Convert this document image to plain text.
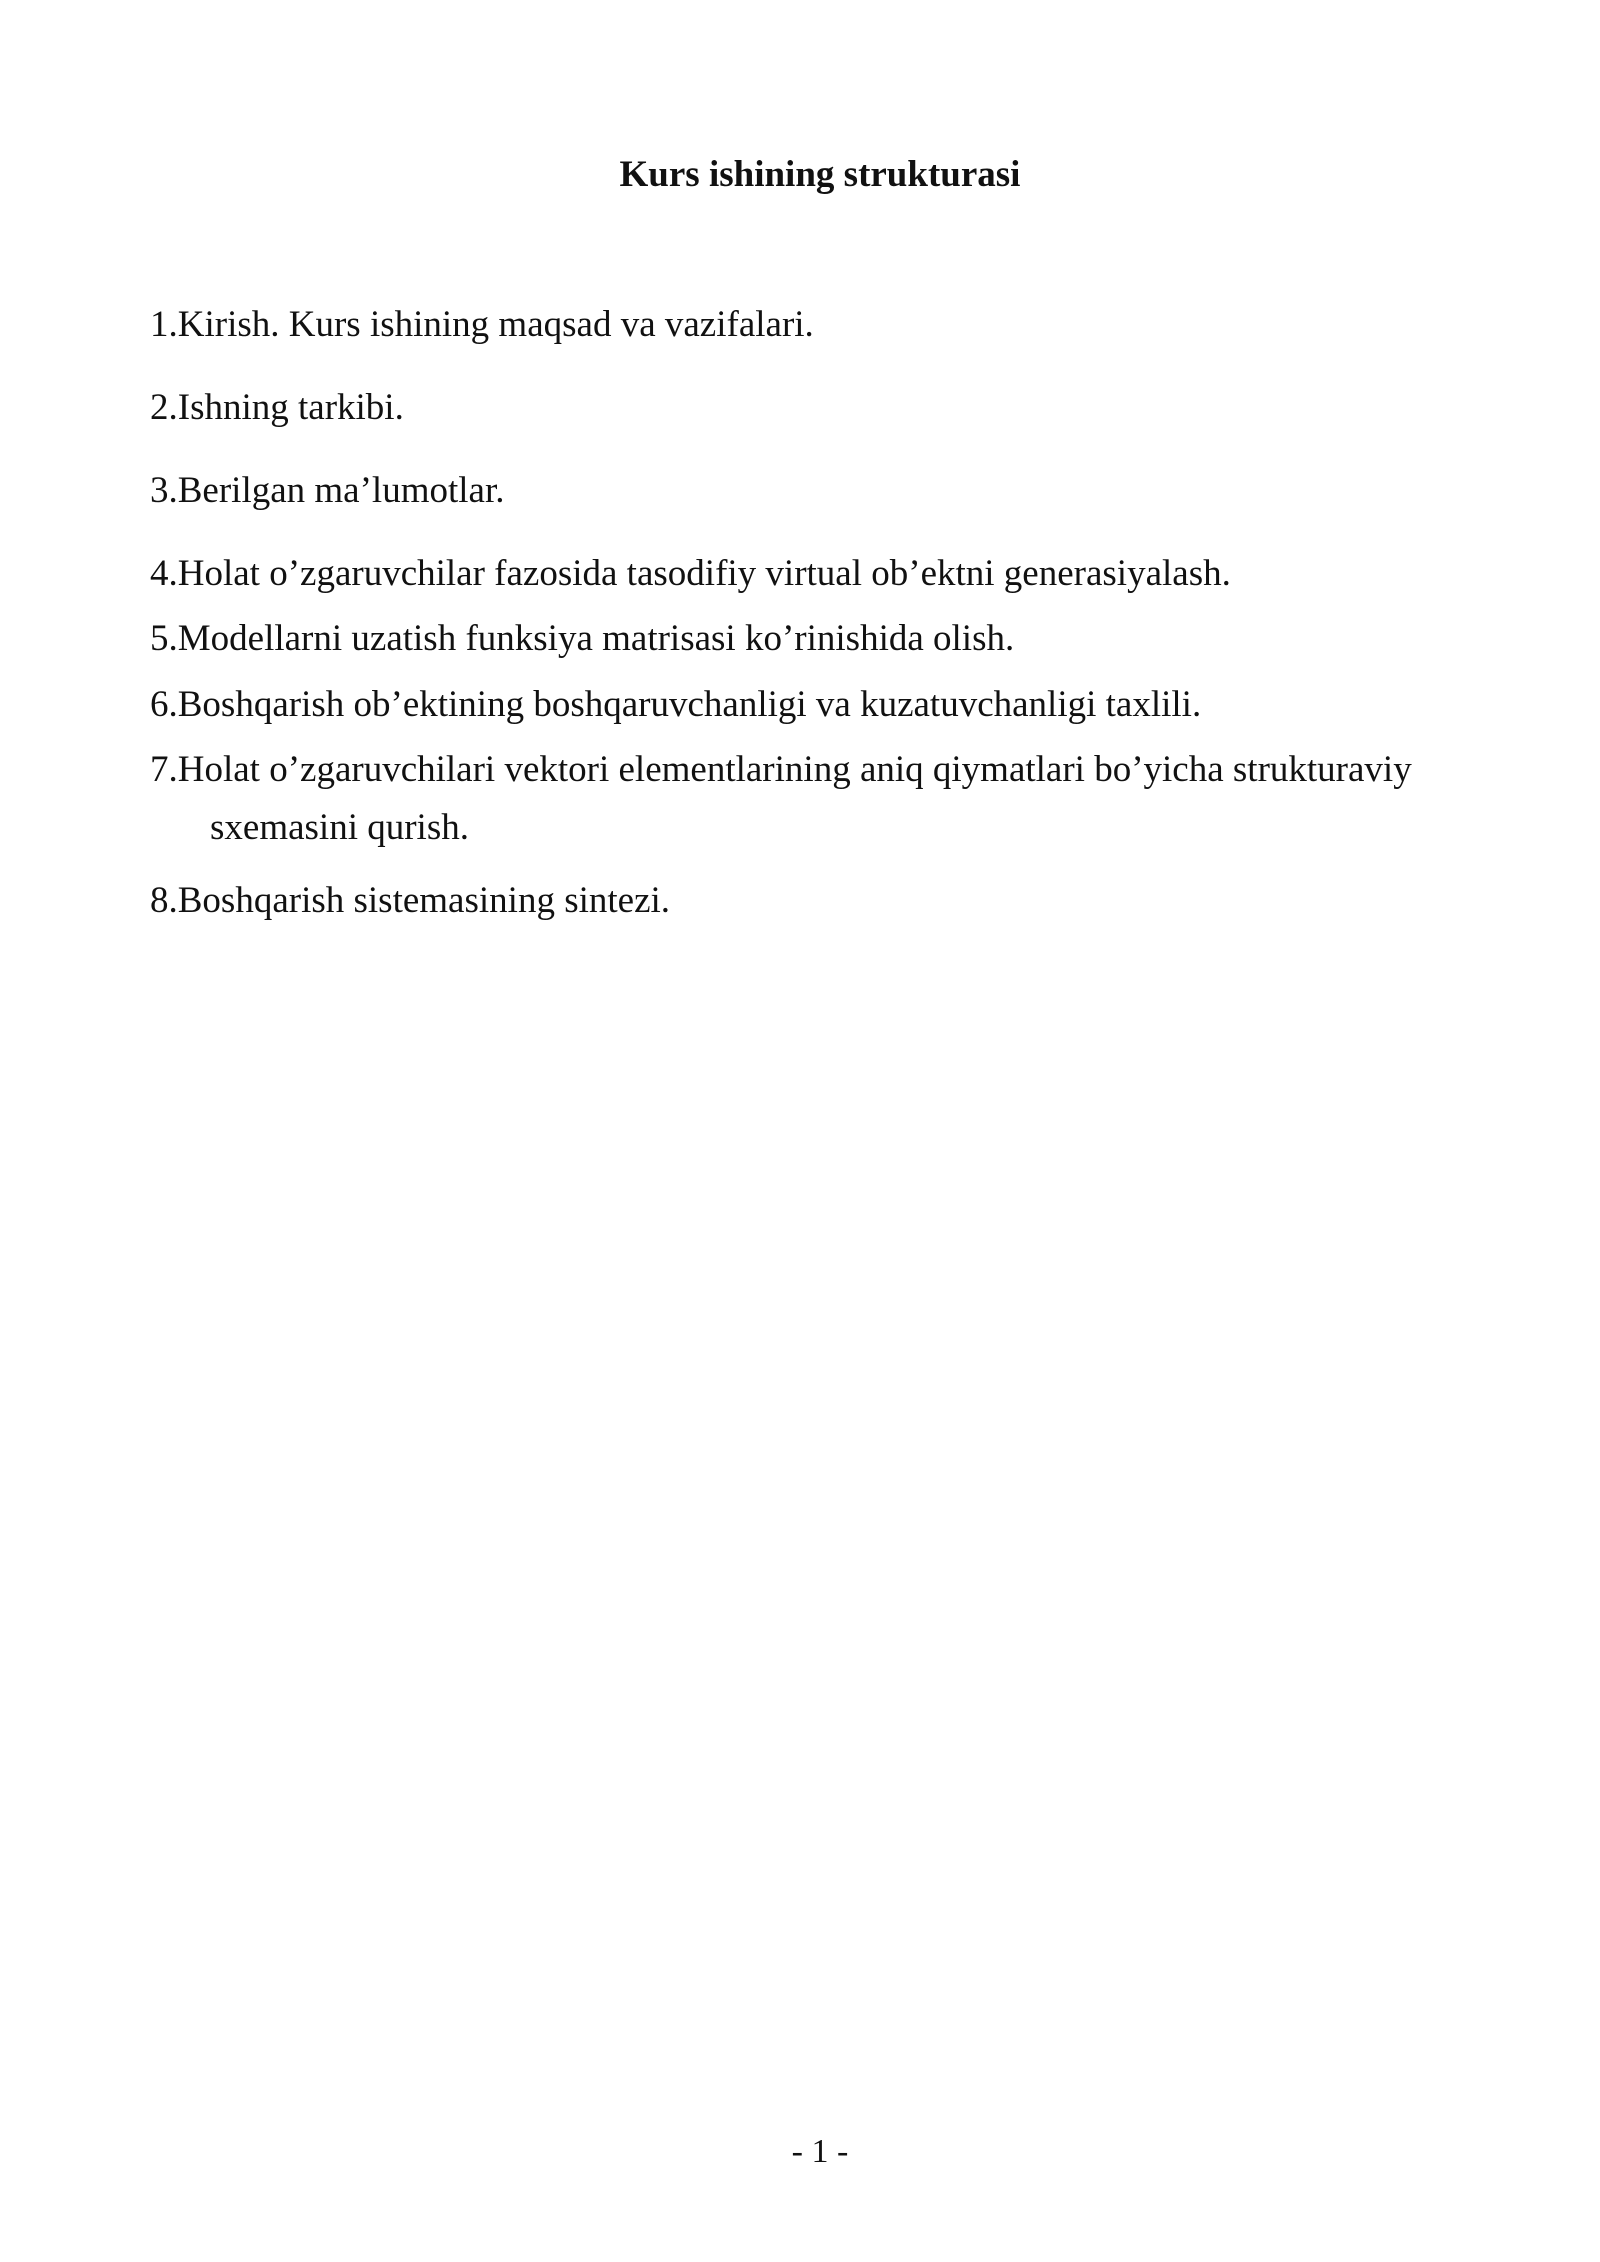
Kurs ishining strukturasi
1.Kirish. Kurs ishining maqsad va vazifalari.
2.Ishning tarkibi.
3.Berilgan ma’lumotlar.
4.Holat o’zgaruvchilar fazosida tasodifiy virtual ob’ektni generasiyalash.
5.Modellarni uzatish funksiya matrisasi ko’rinishida olish.
6.Boshqarish ob’ektining boshqaruvchanligi va kuzatuvchanligi taxlili.
7.Holat o’zgaruvchilari vektori elementlarining aniq qiymatlari bo’yicha strukturaviy
sxemasini qurish.
8.Boshqarish sistemasining sintezi.
- 1 -
